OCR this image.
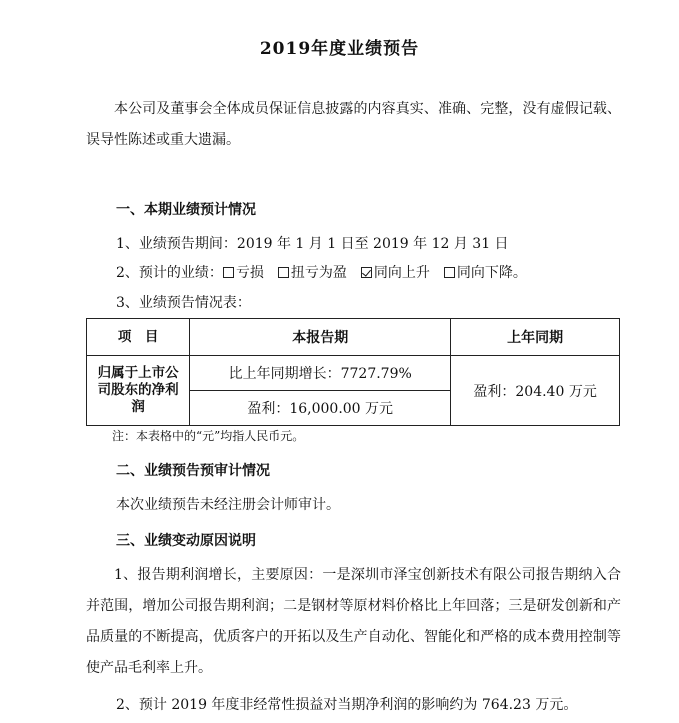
2019年度业绩预告

本公司及董事会全体成员保证信息披露的内容真实、准确、完整，没有虚假记载、误导性陈述或重大遗漏。

一、本期业绩预计情况
1、业绩预告期间：2019 年 1 月 1 日至 2019 年 12 月 31 日
2、预计的业绩： 亏损 扭亏为盈 同向上升 同向下降。
3、业绩预告情况表：
项　目	本报告期	上年同期
归属于上市公司股东的净利润	比上年同期增长：7727.79%	盈利：204.40 万元
	盈利：16,000.00 万元	
注：本表格中的“元”均指人民币元。
二、业绩预告预审计情况
本次业绩预告未经注册会计师审计。
三、业绩变动原因说明

1、报告期利润增长，主要原因：一是深圳市泽宝创新技术有限公司报告期纳入合并范围，增加公司报告期利润；二是钢材等原材料价格比上年回落；三是研发创新和产品质量的不断提高，优质客户的开拓以及生产自动化、智能化和严格的成本费用控制等使产品毛利率上升。

2、预计 2019 年度非经常性损益对当期净利润的影响约为 764.23 万元。
